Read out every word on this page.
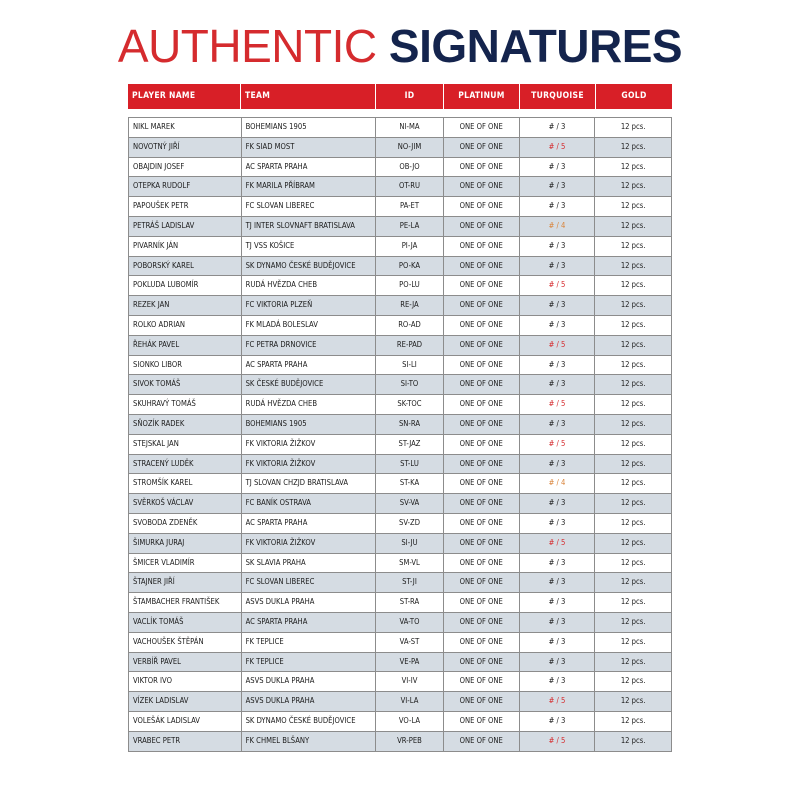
AUTHENTIC SIGNATURES
PLAYER NAME	TEAM	ID	PLATINUM	TURQUOISE	GOLD
NIKL MAREK	BOHEMIANS 1905	NI-MA	ONE OF ONE	# / 3	12 pcs.
NOVOTNÝ JIŘÍ	FK SIAD MOST	NO-JIM	ONE OF ONE	# / 5	12 pcs.
OBAJDIN JOSEF	AC SPARTA PRAHA	OB-JO	ONE OF ONE	# / 3	12 pcs.
OTEPKA RUDOLF	FK MARILA PŘÍBRAM	OT-RU	ONE OF ONE	# / 3	12 pcs.
PAPOUŠEK PETR	FC SLOVAN LIBEREC	PA-ET	ONE OF ONE	# / 3	12 pcs.
PETRÁŠ LADISLAV	TJ INTER SLOVNAFT BRATISLAVA	PE-LA	ONE OF ONE	# / 4	12 pcs.
PIVARNÍK JÁN	TJ VSS KOŠICE	PI-JA	ONE OF ONE	# / 3	12 pcs.
POBORSKÝ KAREL	SK DYNAMO ČESKÉ BUDĚJOVICE	PO-KA	ONE OF ONE	# / 3	12 pcs.
POKLUDA LUBOMÍR	RUDÁ HVĚZDA CHEB	PO-LU	ONE OF ONE	# / 5	12 pcs.
REZEK JAN	FC VIKTORIA PLZEŇ	RE-JA	ONE OF ONE	# / 3	12 pcs.
ROLKO ADRIAN	FK MLADÁ BOLESLAV	RO-AD	ONE OF ONE	# / 3	12 pcs.
ŘEHÁK PAVEL	FC PETRA DRNOVICE	RE-PAD	ONE OF ONE	# / 5	12 pcs.
SIONKO LIBOR	AC SPARTA PRAHA	SI-LI	ONE OF ONE	# / 3	12 pcs.
SIVOK TOMÁŠ	SK ČESKÉ BUDĚJOVICE	SI-TO	ONE OF ONE	# / 3	12 pcs.
SKUHRAVÝ TOMÁŠ	RUDÁ HVĚZDA CHEB	SK-TOC	ONE OF ONE	# / 5	12 pcs.
SŇOZÍK RADEK	BOHEMIANS 1905	SN-RA	ONE OF ONE	# / 3	12 pcs.
STEJSKAL JAN	FK VIKTORIA ŽIŽKOV	ST-JAZ	ONE OF ONE	# / 5	12 pcs.
STRACENÝ LUDĚK	FK VIKTORIA ŽIŽKOV	ST-LU	ONE OF ONE	# / 3	12 pcs.
STROMŠÍK KAREL	TJ SLOVAN CHZJD BRATISLAVA	ST-KA	ONE OF ONE	# / 4	12 pcs.
SVĚRKOŠ VÁCLAV	FC BANÍK OSTRAVA	SV-VA	ONE OF ONE	# / 3	12 pcs.
SVOBODA ZDENĚK	AC SPARTA PRAHA	SV-ZD	ONE OF ONE	# / 3	12 pcs.
ŠIMURKA JURAJ	FK VIKTORIA ŽIŽKOV	SI-JU	ONE OF ONE	# / 5	12 pcs.
ŠMICER VLADIMÍR	SK SLAVIA PRAHA	SM-VL	ONE OF ONE	# / 3	12 pcs.
ŠTAJNER JIŘÍ	FC SLOVAN LIBEREC	ST-JI	ONE OF ONE	# / 3	12 pcs.
ŠTAMBACHER FRANTIŠEK	ASVS DUKLA PRAHA	ST-RA	ONE OF ONE	# / 3	12 pcs.
VACLÍK TOMÁŠ	AC SPARTA PRAHA	VA-TO	ONE OF ONE	# / 3	12 pcs.
VACHOUŠEK ŠTĚPÁN	FK TEPLICE	VA-ST	ONE OF ONE	# / 3	12 pcs.
VERBÍŘ PAVEL	FK TEPLICE	VE-PA	ONE OF ONE	# / 3	12 pcs.
VIKTOR IVO	ASVS DUKLA PRAHA	VI-IV	ONE OF ONE	# / 3	12 pcs.
VÍZEK LADISLAV	ASVS DUKLA PRAHA	VI-LA	ONE OF ONE	# / 5	12 pcs.
VOLEŠÁK LADISLAV	SK DYNAMO ČESKÉ BUDĚJOVICE	VO-LA	ONE OF ONE	# / 3	12 pcs.
VRABEC PETR	FK CHMEL BLŠANY	VR-PEB	ONE OF ONE	# / 5	12 pcs.
